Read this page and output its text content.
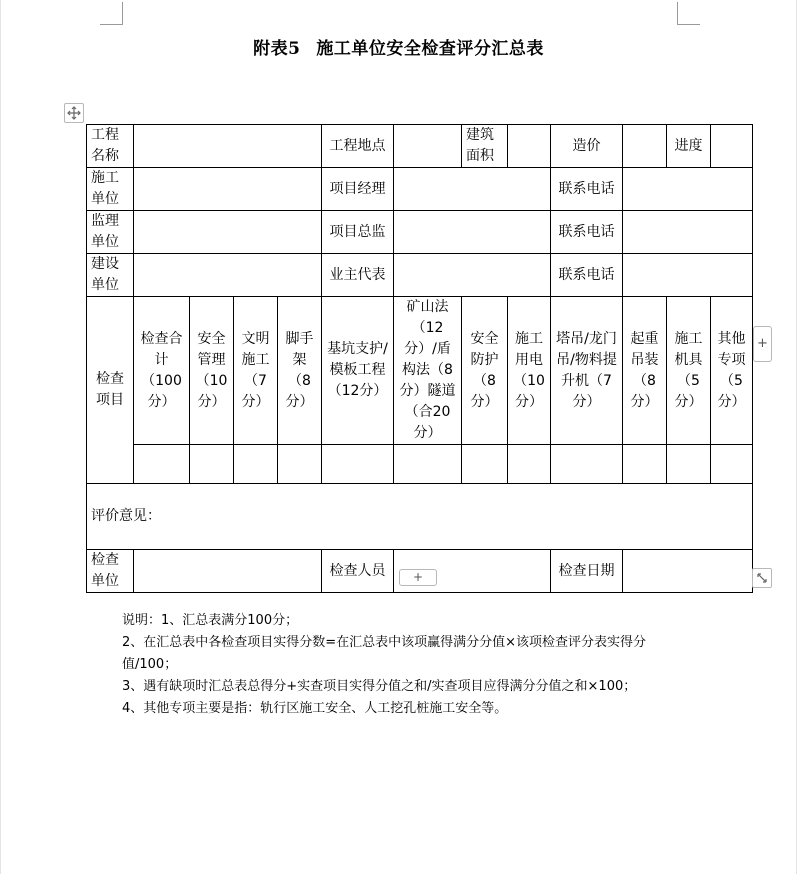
附表5 施工单位安全检查评分汇总表
工程名称					工程地点		建筑面积		造价		进度	
施工单位					项目经理				联系电话			
监理单位					项目总监				联系电话			
建设单位					业主代表				联系电话			
检查项目	检查合计（100分）	安全管理（10分）	文明施工（7分）	脚手架（8分）	基坑支护/模板工程（12分）	矿山法（12分）/盾构法（8分）隧道（合20分）	安全防护（8分）	施工用电（10分）	塔吊/龙门吊/物料提升机（7分）	起重吊装（8分）	施工机具（5分）	其他专项（5分）

评价意见：												
检查单位					检查人员				检查日期			
+
+

说明：1、汇总表满分100分；

2、在汇总表中各检查项目实得分数=在汇总表中该项赢得满分分值×该项检查评分表实得分值/100；

3、遇有缺项时汇总表总得分+实查项目实得分值之和/实查项目应得满分分值之和×100；

4、其他专项主要是指：轨行区施工安全、人工挖孔桩施工安全等。
